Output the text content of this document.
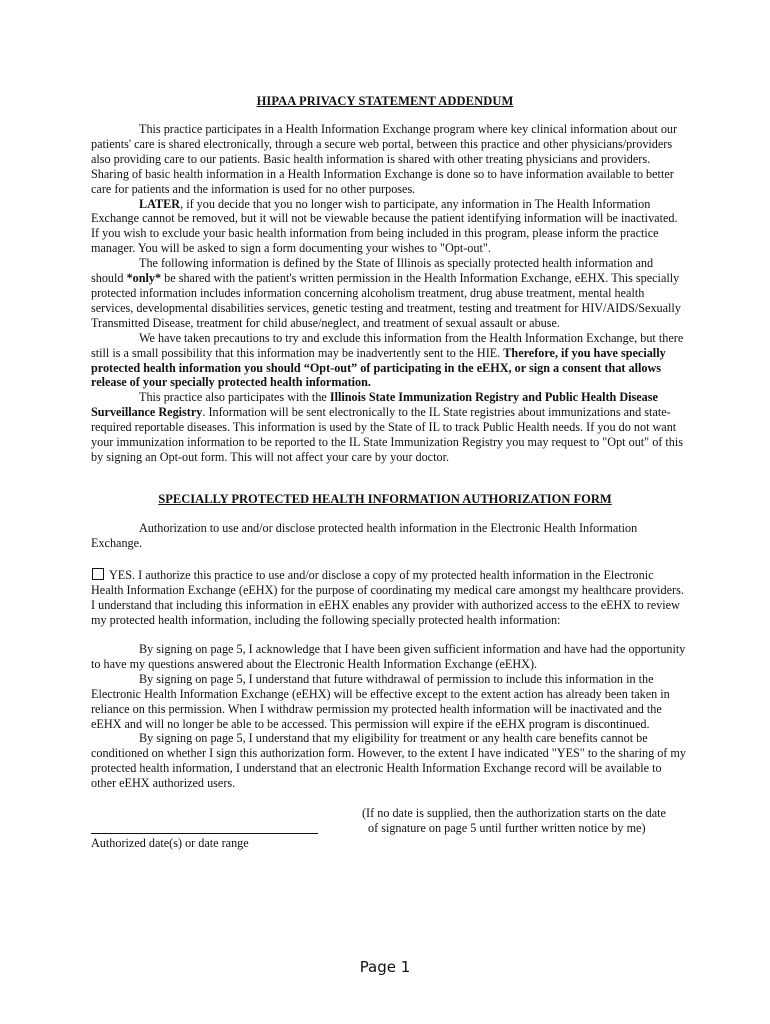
HIPAA PRIVACY STATEMENT ADDENDUM

This practice participates in a Health Information Exchange program where key clinical information about our patients' care is shared electronically, through a secure web portal, between this practice and other physicians/providers also providing care to our patients. Basic health information is shared with other treating physicians and providers. Sharing of basic health information in a Health Information Exchange is done so to have information available to better care for patients and the information is used for no other purposes.

LATER, if you decide that you no longer wish to participate, any information in The Health Information Exchange cannot be removed, but it will not be viewable because the patient identifying information will be inactivated. If you wish to exclude your basic health information from being included in this program, please inform the practice manager. You will be asked to sign a form documenting your wishes to "Opt-out".

The following information is defined by the State of Illinois as specially protected health information and should *only* be shared with the patient's written permission in the Health Information Exchange, eEHX. This specially protected information includes information concerning alcoholism treatment, drug abuse treatment, mental health services, developmental disabilities services, genetic testing and treatment, testing and treatment for HIV/AIDS/Sexually Transmitted Disease, treatment for child abuse/neglect, and treatment of sexual assault or abuse.

We have taken precautions to try and exclude this information from the Health Information Exchange, but there still is a small possibility that this information may be inadvertently sent to the HIE. Therefore, if you have specially protected health information you should “Opt-out” of participating in the eEHX, or sign a consent that allows release of your specially protected health information.

This practice also participates with the Illinois State Immunization Registry and Public Health Disease Surveillance Registry. Information will be sent electronically to the IL State registries about immunizations and state-required reportable diseases. This information is used by the State of IL to track Public Health needs. If you do not want your immunization information to be reported to the IL State Immunization Registry you may request to "Opt out" of this by signing an Opt-out form. This will not affect your care by your doctor.

SPECIALLY PROTECTED HEALTH INFORMATION AUTHORIZATION FORM

Authorization to use and/or disclose protected health information in the Electronic Health Information Exchange.

YES. I authorize this practice to use and/or disclose a copy of my protected health information in the Electronic Health Information Exchange (eEHX) for the purpose of coordinating my medical care amongst my healthcare providers. I understand that including this information in eEHX enables any provider with authorized access to the eEHX to review my protected health information, including the following specially protected health information:

By signing on page 5, I acknowledge that I have been given sufficient information and have had the opportunity to have my questions answered about the Electronic Health Information Exchange (eEHX).

By signing on page 5, I understand that future withdrawal of permission to include this information in the Electronic Health Information Exchange (eEHX) will be effective except to the extent action has already been taken in reliance on this permission. When I withdraw permission my protected health information will be inactivated and the eEHX and will no longer be able to be accessed. This permission will expire if the eEHX program is discontinued.

By signing on page 5, I understand that my eligibility for treatment or any health care benefits cannot be conditioned on whether I sign this authorization form. However, to the extent I have indicated "YES" to the sharing of my protected health information, I understand that an electronic Health Information Exchange record will be available to other eEHX authorized users.

(If no date is supplied, then the authorization starts on the date
of signature on page 5 until further written notice by me)
Authorized date(s) or date range
Page 1
